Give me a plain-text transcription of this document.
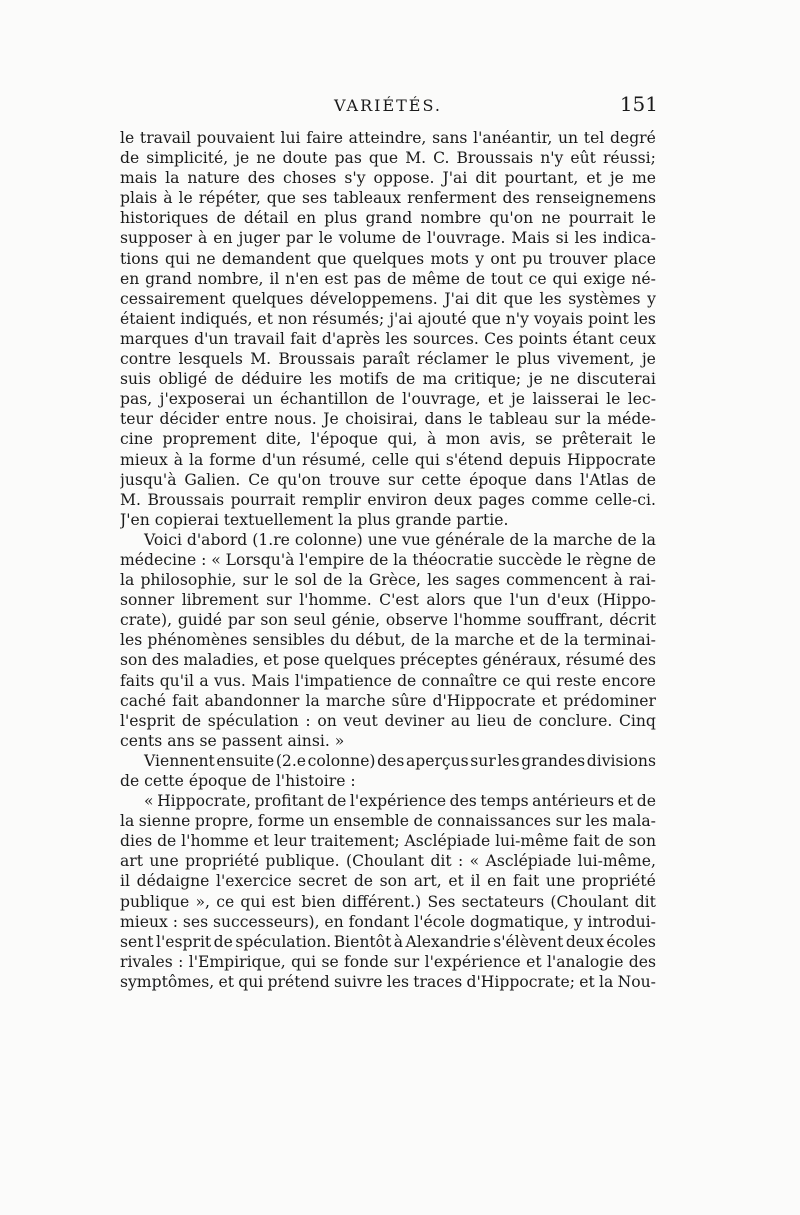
VARIÉTÉS.	151
le travail pouvaient lui faire atteindre, sans l'anéantir, un tel degré
de simplicité, je ne doute pas que M. C. Broussais n'y eût réussi;
mais la nature des choses s'y oppose. J'ai dit pourtant, et je me
plais à le répéter, que ses tableaux renferment des renseignemens
historiques de détail en plus grand nombre qu'on ne pourrait le
supposer à en juger par le volume de l'ouvrage. Mais si les indica-
tions qui ne demandent que quelques mots y ont pu trouver place
en grand nombre, il n'en est pas de même de tout ce qui exige né-
cessairement quelques développemens. J'ai dit que les systèmes y
étaient indiqués, et non résumés; j'ai ajouté que n'y voyais point les
marques d'un travail fait d'après les sources. Ces points étant ceux
contre lesquels M. Broussais paraît réclamer le plus vivement, je
suis obligé de déduire les motifs de ma critique; je ne discuterai
pas, j'exposerai un échantillon de l'ouvrage, et je laisserai le lec-
teur décider entre nous. Je choisirai, dans le tableau sur la méde-
cine proprement dite, l'époque qui, à mon avis, se prêterait le
mieux à la forme d'un résumé, celle qui s'étend depuis Hippocrate
jusqu'à Galien. Ce qu'on trouve sur cette époque dans l'Atlas de
M. Broussais pourrait remplir environ deux pages comme celle-ci.
J'en copierai textuellement la plus grande partie.
Voici d'abord (1.re colonne) une vue générale de la marche de la
médecine : « Lorsqu'à l'empire de la théocratie succède le règne de
la philosophie, sur le sol de la Grèce, les sages commencent à rai-
sonner librement sur l'homme. C'est alors que l'un d'eux (Hippo-
crate), guidé par son seul génie, observe l'homme souffrant, décrit
les phénomènes sensibles du début, de la marche et de la terminai-
son des maladies, et pose quelques préceptes généraux, résumé des
faits qu'il a vus. Mais l'impatience de connaître ce qui reste encore
caché fait abandonner la marche sûre d'Hippocrate et prédominer
l'esprit de spéculation : on veut deviner au lieu de conclure. Cinq
cents ans se passent ainsi. »
Viennent ensuite (2.e colonne) des aperçus sur les grandes divisions
de cette époque de l'histoire :
« Hippocrate, profitant de l'expérience des temps antérieurs et de
la sienne propre, forme un ensemble de connaissances sur les mala-
dies de l'homme et leur traitement; Asclépiade lui-même fait de son
art une propriété publique. (Choulant dit : « Asclépiade lui-même,
il dédaigne l'exercice secret de son art, et il en fait une propriété
publique », ce qui est bien différent.) Ses sectateurs (Choulant dit
mieux : ses successeurs), en fondant l'école dogmatique, y introdui-
sent l'esprit de spéculation. Bientôt à Alexandrie s'élèvent deux écoles
rivales : l'Empirique, qui se fonde sur l'expérience et l'analogie des
symptômes, et qui prétend suivre les traces d'Hippocrate; et la Nou-
